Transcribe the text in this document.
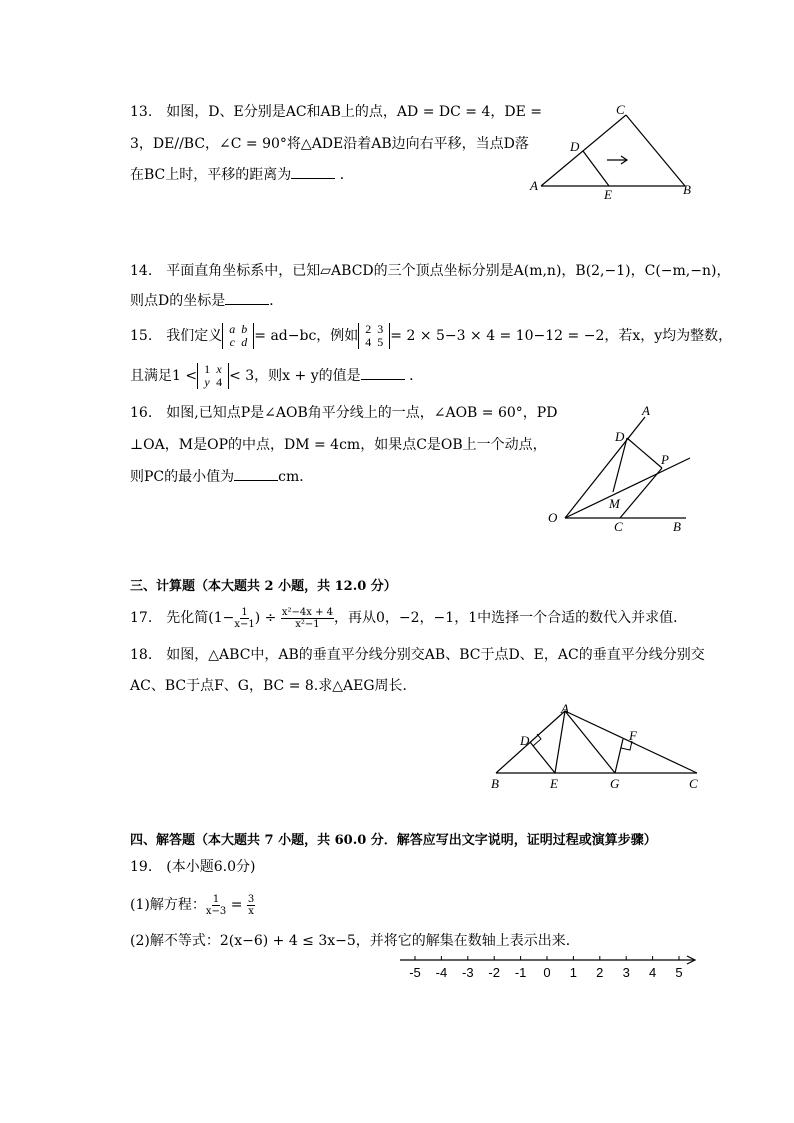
13.　如图，D、E分别是AC和AB上的点，AD = DC = 4，DE =
3，DE//BC，∠C = 90°将△ADE沿着AB边向右平移，当点D落
在BC上时，平移的距离为	．
A	B
C
D
E
14.　平面直角坐标系中，已知▱ABCD的三个顶点坐标分别是A(m,n)，B(2,−1)，C(−m,−n)，
则点D的坐标是	．
15.　我们定义 a	b
c	d = ad−bc，例如 2	3
4	5 = 2 × 5−3 × 4 = 10−12 = −2，若x，y均为整数，
且满足1 < 1	x
y	4 < 3，则x + y的值是	．
16.　如图,已知点P是∠AOB角平分线上的一点，∠AOB = 60°，PD
⊥OA，M是OP的中点，DM = 4cm，如果点C是OB上一个动点，
则PC的最小值为	cm．
A
B
C
D
M
O
P
三、计算题（本大题共 2 小题，共 12.0 分）
17.　先化简($1- \frac{1}{x-1}$ ) ÷ $\frac{\text{x²−4x + 4}}{\text{x²−1}}$ ，再从0，−2，−1，1中选择一个合适的数代入并求值．
18.　如图，△ABC中，AB的垂直平分线分别交AB、BC于点D、E，AC的垂直平分线分别交
AC、BC于点F、G，BC = 8.求△AEG周长．
A
B	C
D
E
F
G
四、解答题（本大题共 7 小题，共 60.0 分．解答应写出文字说明，证明过程或演算步骤）
19.　(本小题6.0分)
(1)解方程： $\frac{1}{x-3} = \frac{3}{x}$
(2)解不等式：2(x−6) + 4 ≤ 3x−5，并将它的解集在数轴上表示出来．
-5 -4 -3 -2 -1 0 1 2 3 4 5
